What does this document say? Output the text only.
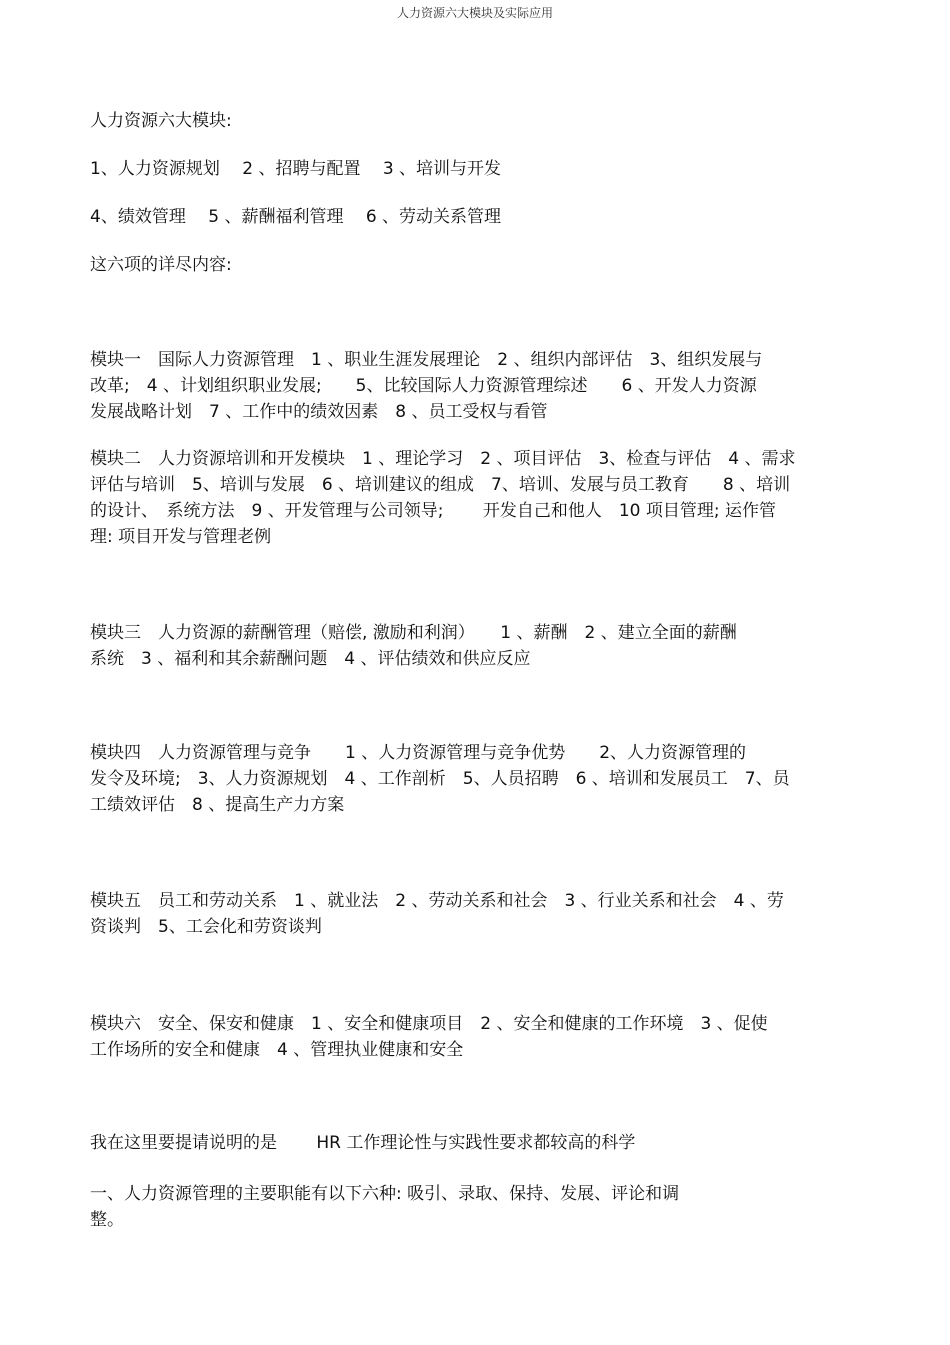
人力资源六大模块及实际应用
人力资源六大模块:
1、人力资源规划 　2 、招聘与配置 　3 、培训与开发
4、绩效管理 　5 、薪酬福利管理 　6 、劳动关系管理
这六项的详尽内容:
模块一　国际人力资源管理　1 、职业生涯发展理论　2 、组织内部评估　3、组织发展与
改革;　4 、计划组织职业发展;　　5、比较国际人力资源管理综述　　6 、开发人力资源
发展战略计划　7 、工作中的绩效因素　8 、员工受权与看管
模块二　人力资源培训和开发模块　1 、理论学习　2 、项目评估　3、检查与评估　4 、需求
评估与培训　5、培训与发展　6 、培训建议的组成　7、培训、发展与员工教育　　8 、培训
的设计、　系统方法　9 、开发管理与公司领导;　　 开发自己和他人　10 项目管理; 运作管
理: 项目开发与管理老例
模块三　人力资源的薪酬管理（赔偿, 激励和利润）　　1 、薪酬　2 、建立全面的薪酬
系统　3 、福利和其余薪酬问题　4 、评估绩效和供应反应
模块四　人力资源管理与竞争　　1 、人力资源管理与竞争优势　　2、人力资源管理的
发令及环境;　3、人力资源规划　4 、工作剖析　5、人员招聘　6 、培训和发展员工　7、员
工绩效评估　8 、提高生产力方案
模块五　员工和劳动关系　1 、就业法　2 、劳动关系和社会　3 、行业关系和社会　4 、劳
资谈判　5、工会化和劳资谈判
模块六　安全、保安和健康　1 、安全和健康项目　2 、安全和健康的工作环境　3 、促使
工作场所的安全和健康　4 、管理执业健康和安全
我在这里要提请说明的是　　 HR 工作理论性与实践性要求都较高的科学
一、人力资源管理的主要职能有以下六种: 吸引、录取、保持、发展、评论和调
整。
